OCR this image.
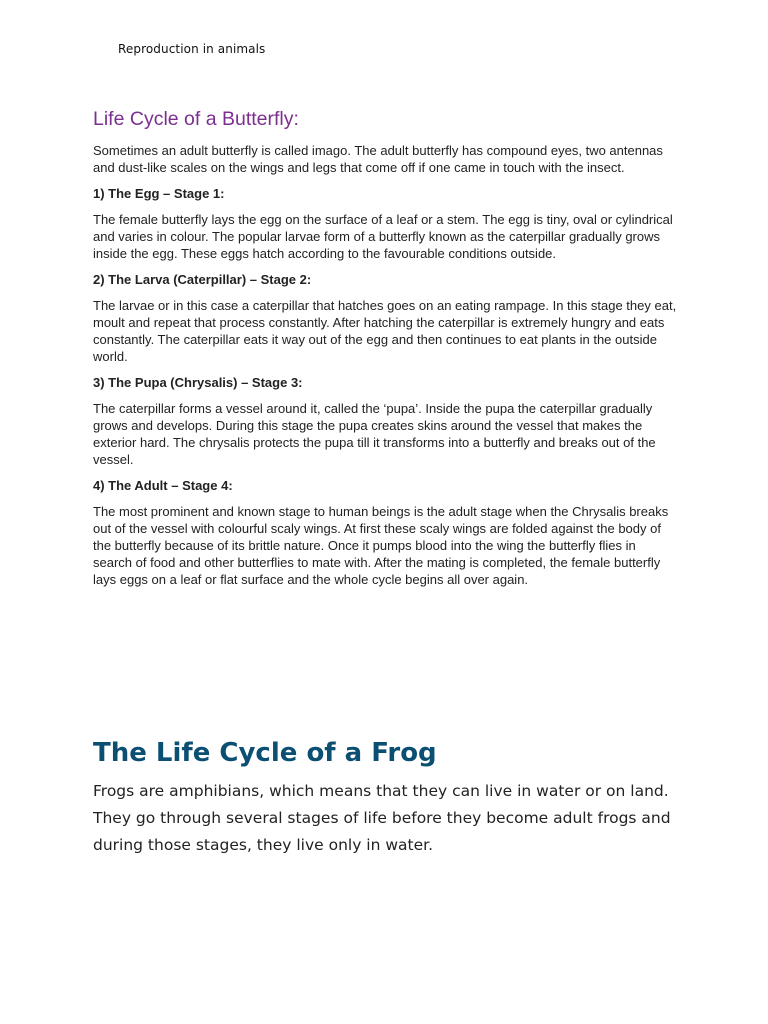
Reproduction in animals
Life Cycle of a Butterfly:

Sometimes an adult butterfly is called imago. The adult butterfly has compound eyes, two antennas and dust-like scales on the wings and legs that come off if one came in touch with the insect.

1) The Egg – Stage 1:

The female butterfly lays the egg on the surface of a leaf or a stem. The egg is tiny, oval or cylindrical and varies in colour. The popular larvae form of a butterfly known as the caterpillar gradually grows inside the egg. These eggs hatch according to the favourable conditions outside.

2) The Larva (Caterpillar) – Stage 2:

The larvae or in this case a caterpillar that hatches goes on an eating rampage. In this stage they eat, moult and repeat that process constantly. After hatching the caterpillar is extremely hungry and eats constantly. The caterpillar eats it way out of the egg and then continues to eat plants in the outside world.

3) The Pupa (Chrysalis) – Stage 3:

The caterpillar forms a vessel around it, called the ‘pupa’. Inside the pupa the caterpillar gradually grows and develops. During this stage the pupa creates skins around the vessel that makes the exterior hard. The chrysalis protects the pupa till it transforms into a butterfly and breaks out of the vessel.

4) The Adult – Stage 4:

The most prominent and known stage to human beings is the adult stage when the Chrysalis breaks out of the vessel with colourful scaly wings. At first these scaly wings are folded against the body of the butterfly because of its brittle nature. Once it pumps blood into the wing the butterfly flies in search of food and other butterflies to mate with. After the mating is completed, the female butterfly lays eggs on a leaf or flat surface and the whole cycle begins all over again.

The Life Cycle of a Frog

Frogs are amphibians, which means that they can live in water or on land. They go through several stages of life before they become adult frogs and during those stages, they live only in water.
